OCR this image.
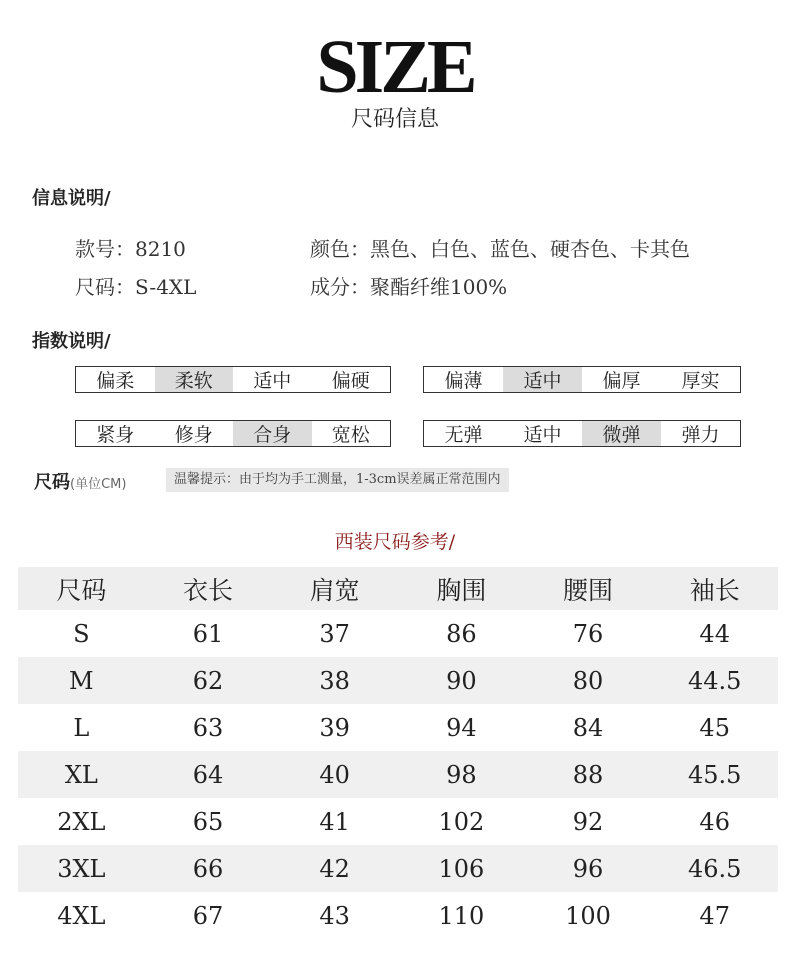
SIZE
尺码信息
信息说明/
款号：8210	颜色：黑色、白色、蓝色、硬杏色、卡其色
尺码：S-4XL	成分：聚酯纤维100%
指数说明/
偏柔	柔软	适中	偏硬	偏薄	适中	偏厚	厚实
紧身	修身	合身	宽松	无弹	适中	微弹	弹力
尺码(单位CM)	温馨提示：由于均为手工测量，1-3cm误差属正常范围内
西装尺码参考/
尺码	衣长	肩宽	胸围	腰围	袖长
S	61	37	86	76	44
M	62	38	90	80	44.5
L	63	39	94	84	45
XL	64	40	98	88	45.5
2XL	65	41	102	92	46
3XL	66	42	106	96	46.5
4XL	67	43	110	100	47
